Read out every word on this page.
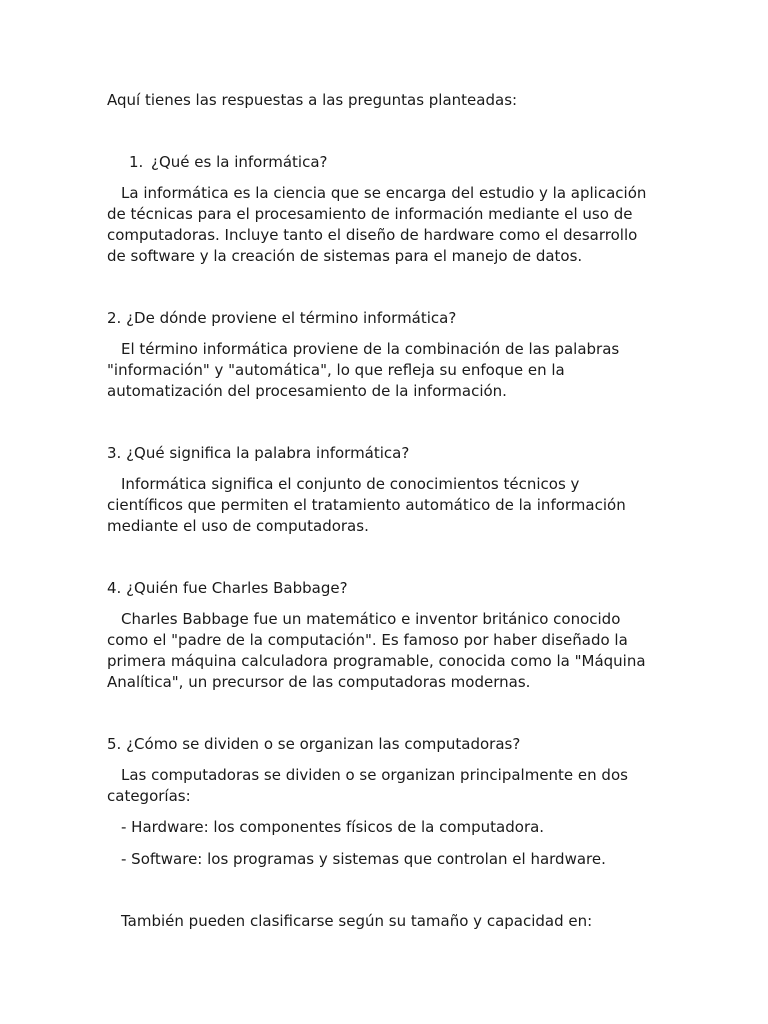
Aquí tienes las respuestas a las preguntas planteadas:
1. ¿Qué es la informática?

La informática es la ciencia que se encarga del estudio y la aplicación de técnicas para el procesamiento de información mediante el uso de computadoras. Incluye tanto el diseño de hardware como el desarrollo de software y la creación de sistemas para el manejo de datos.

2. ¿De dónde proviene el término informática?

El término informática proviene de la combinación de las palabras "información" y "automática", lo que refleja su enfoque en la automatización del procesamiento de la información.

3. ¿Qué significa la palabra informática?

Informática significa el conjunto de conocimientos técnicos y científicos que permiten el tratamiento automático de la información mediante el uso de computadoras.

4. ¿Quién fue Charles Babbage?

Charles Babbage fue un matemático e inventor británico conocido como el "padre de la computación". Es famoso por haber diseñado la primera máquina calculadora programable, conocida como la "Máquina Analítica", un precursor de las computadoras modernas.

5. ¿Cómo se dividen o se organizan las computadoras?

Las computadoras se dividen o se organizan principalmente en dos categorías:

- Hardware: los componentes físicos de la computadora.
- Software: los programas y sistemas que controlan el hardware.
También pueden clasificarse según su tamaño y capacidad en:
